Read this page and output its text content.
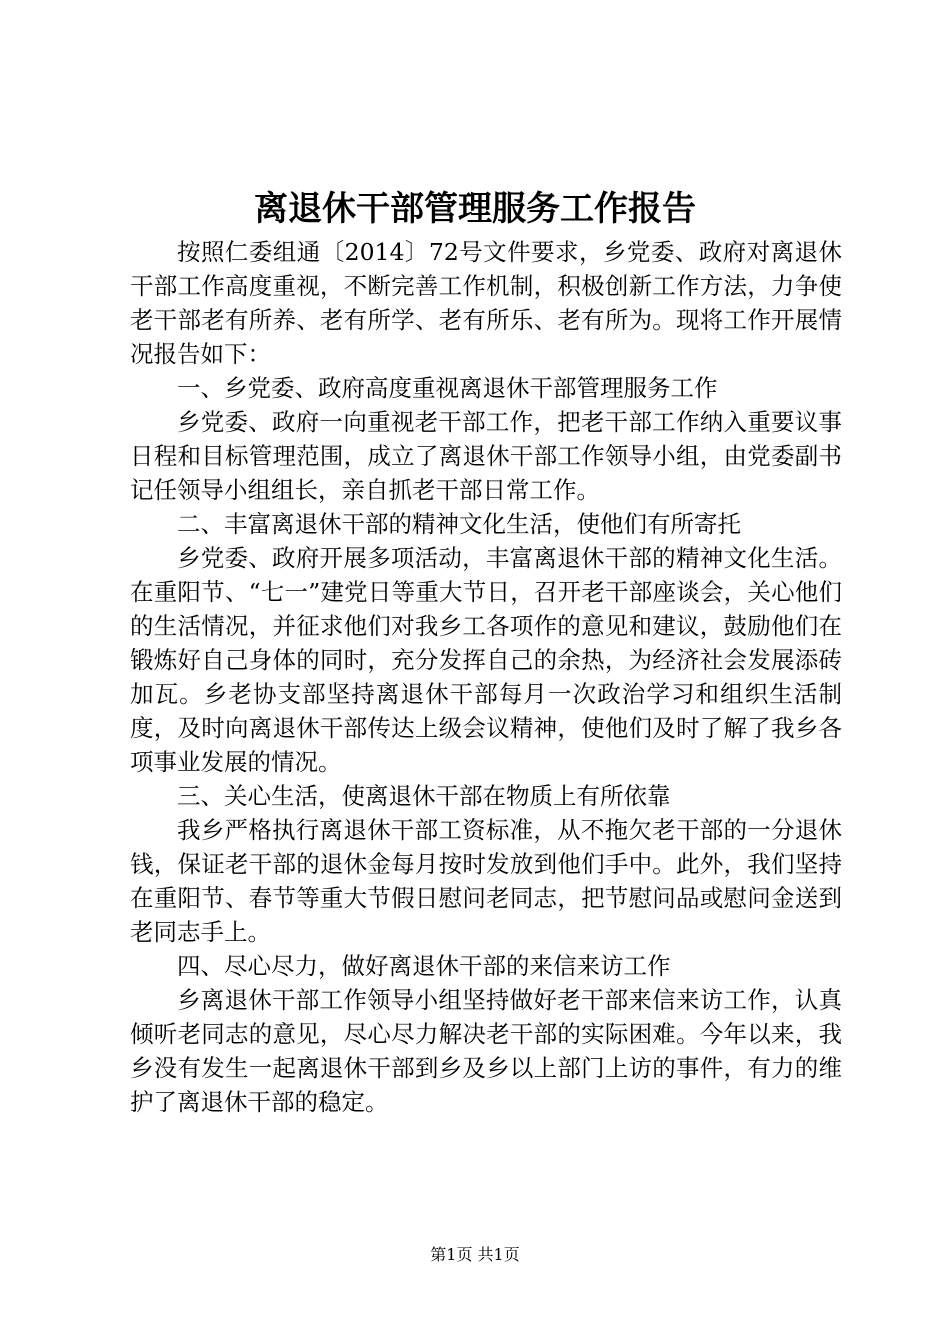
离退休干部管理服务工作报告

按照仁委组通〔2014〕72号文件要求，乡党委、政府对离退休干部工作高度重视，不断完善工作机制，积极创新工作方法，力争使老干部老有所养、老有所学、老有所乐、老有所为。现将工作开展情况报告如下：

一、乡党委、政府高度重视离退休干部管理服务工作

乡党委、政府一向重视老干部工作，把老干部工作纳入重要议事日程和目标管理范围，成立了离退休干部工作领导小组，由党委副书记任领导小组组长，亲自抓老干部日常工作。

二、丰富离退休干部的精神文化生活，使他们有所寄托

乡党委、政府开展多项活动，丰富离退休干部的精神文化生活。在重阳节、“七一”建党日等重大节日，召开老干部座谈会，关心他们的生活情况，并征求他们对我乡工各项作的意见和建议，鼓励他们在锻炼好自己身体的同时，充分发挥自己的余热，为经济社会发展添砖加瓦。乡老协支部坚持离退休干部每月一次政治学习和组织生活制度，及时向离退休干部传达上级会议精神，使他们及时了解了我乡各项事业发展的情况。

三、关心生活，使离退休干部在物质上有所依靠

我乡严格执行离退休干部工资标准，从不拖欠老干部的一分退休钱，保证老干部的退休金每月按时发放到他们手中。此外，我们坚持在重阳节、春节等重大节假日慰问老同志，把节慰问品或慰问金送到老同志手上。

四、尽心尽力，做好离退休干部的来信来访工作

乡离退休干部工作领导小组坚持做好老干部来信来访工作，认真倾听老同志的意见，尽心尽力解决老干部的实际困难。今年以来，我乡没有发生一起离退休干部到乡及乡以上部门上访的事件，有力的维护了离退休干部的稳定。

第1页 共1页
